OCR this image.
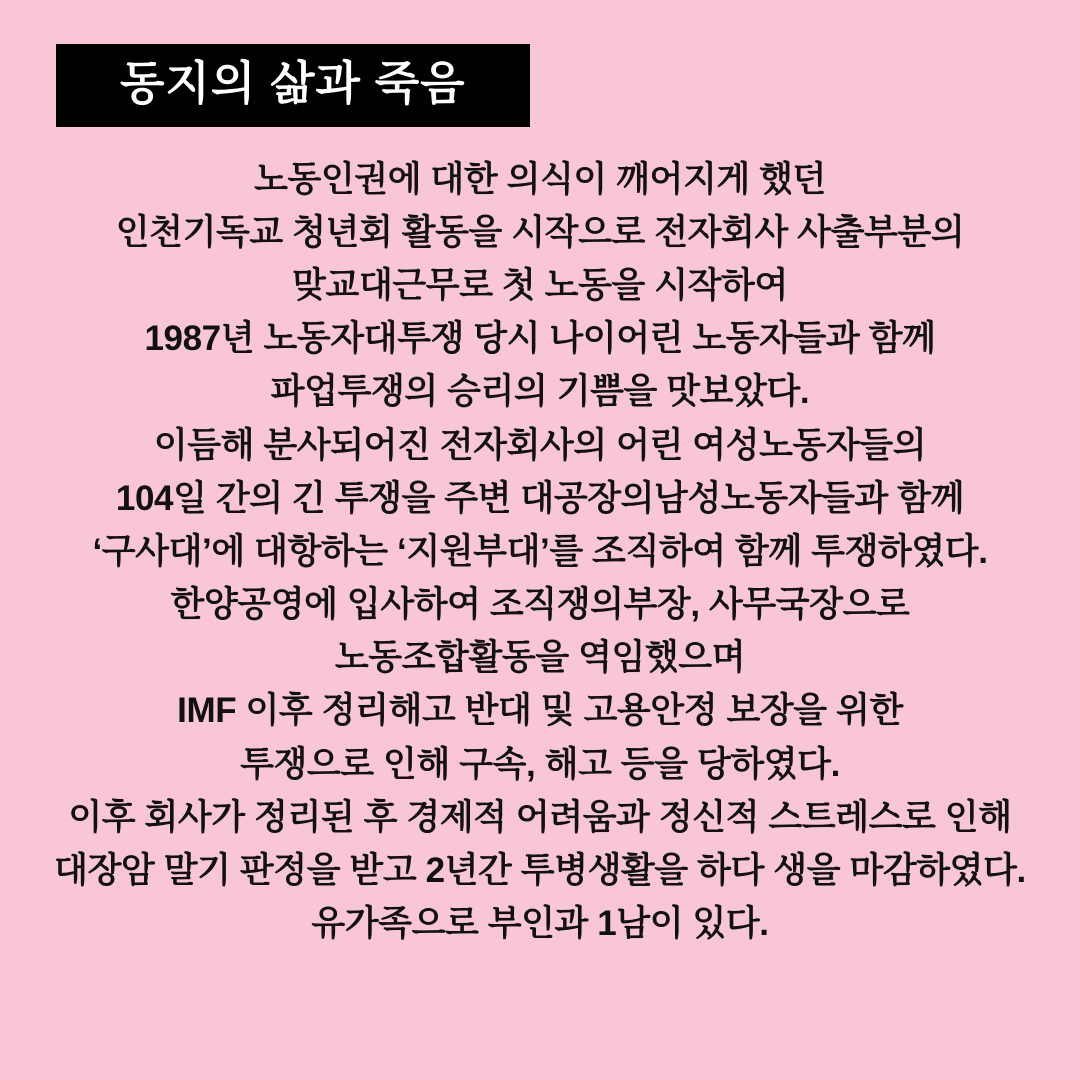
동지의 삶과 죽음
노동인권에 대한 의식이 깨어지게 했던
인천기독교 청년회 활동을 시작으로 전자회사 사출부분의
맞교대근무로 첫 노동을 시작하여
1987년 노동자대투쟁 당시 나이어린 노동자들과 함께
파업투쟁의 승리의 기쁨을 맛보았다.
이듬해 분사되어진 전자회사의 어린 여성노동자들의
104일 간의 긴 투쟁을 주변 대공장의남성노동자들과 함께
‘구사대’에 대항하는 ‘지원부대’를 조직하여 함께 투쟁하였다.
한양공영에 입사하여 조직쟁의부장, 사무국장으로
노동조합활동을 역임했으며
IMF 이후 정리해고 반대 및 고용안정 보장을 위한
투쟁으로 인해 구속, 해고 등을 당하였다.
이후 회사가 정리된 후 경제적 어려움과 정신적 스트레스로 인해
대장암 말기 판정을 받고 2년간 투병생활을 하다 생을 마감하였다.
유가족으로 부인과 1남이 있다.
